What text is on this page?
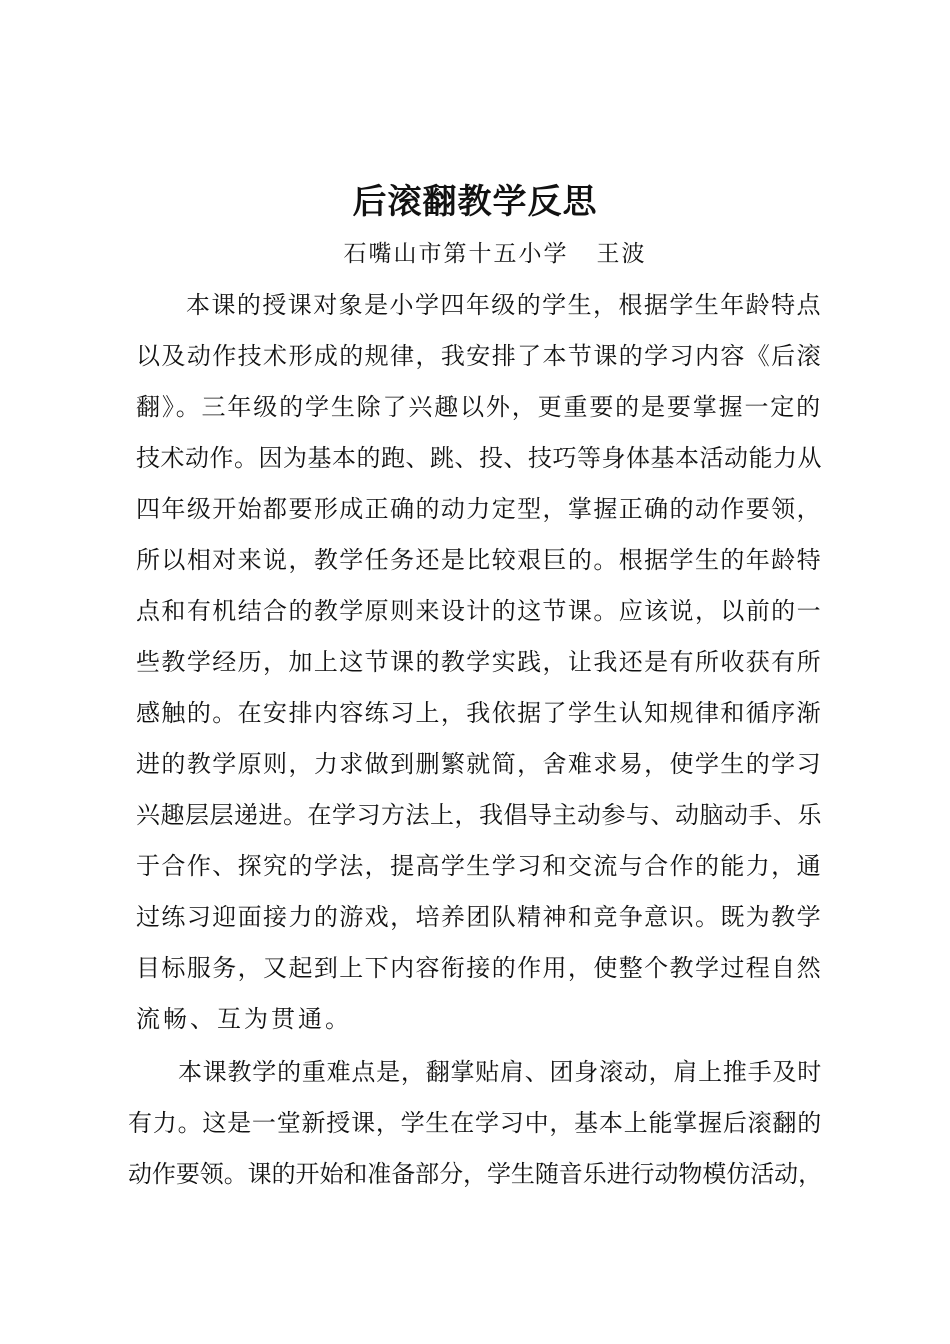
后滚翻教学反思
石嘴山市第十五小学 王波
本课的授课对象是小学四年级的学生，根据学生年龄特点
以及动作技术形成的规律，我安排了本节课的学习内容《后滚
翻》。三年级的学生除了兴趣以外，更重要的是要掌握一定的
技术动作。因为基本的跑、跳、投、技巧等身体基本活动能力从
四年级开始都要形成正确的动力定型，掌握正确的动作要领，
所以相对来说，教学任务还是比较艰巨的。根据学生的年龄特
点和有机结合的教学原则来设计的这节课。应该说，以前的一
些教学经历，加上这节课的教学实践，让我还是有所收获有所
感触的。在安排内容练习上，我依据了学生认知规律和循序渐
进的教学原则，力求做到删繁就简，舍难求易，使学生的学习
兴趣层层递进。在学习方法上，我倡导主动参与、动脑动手、乐
于合作、探究的学法，提高学生学习和交流与合作的能力，通
过练习迎面接力的游戏，培养团队精神和竞争意识。既为教学
目标服务，又起到上下内容衔接的作用，使整个教学过程自然
流畅、互为贯通。
本课教学的重难点是，翻掌贴肩、团身滚动，肩上推手及时
有力。这是一堂新授课，学生在学习中，基本上能掌握后滚翻的
动作要领。课的开始和准备部分，学生随音乐进行动物模仿活动，
